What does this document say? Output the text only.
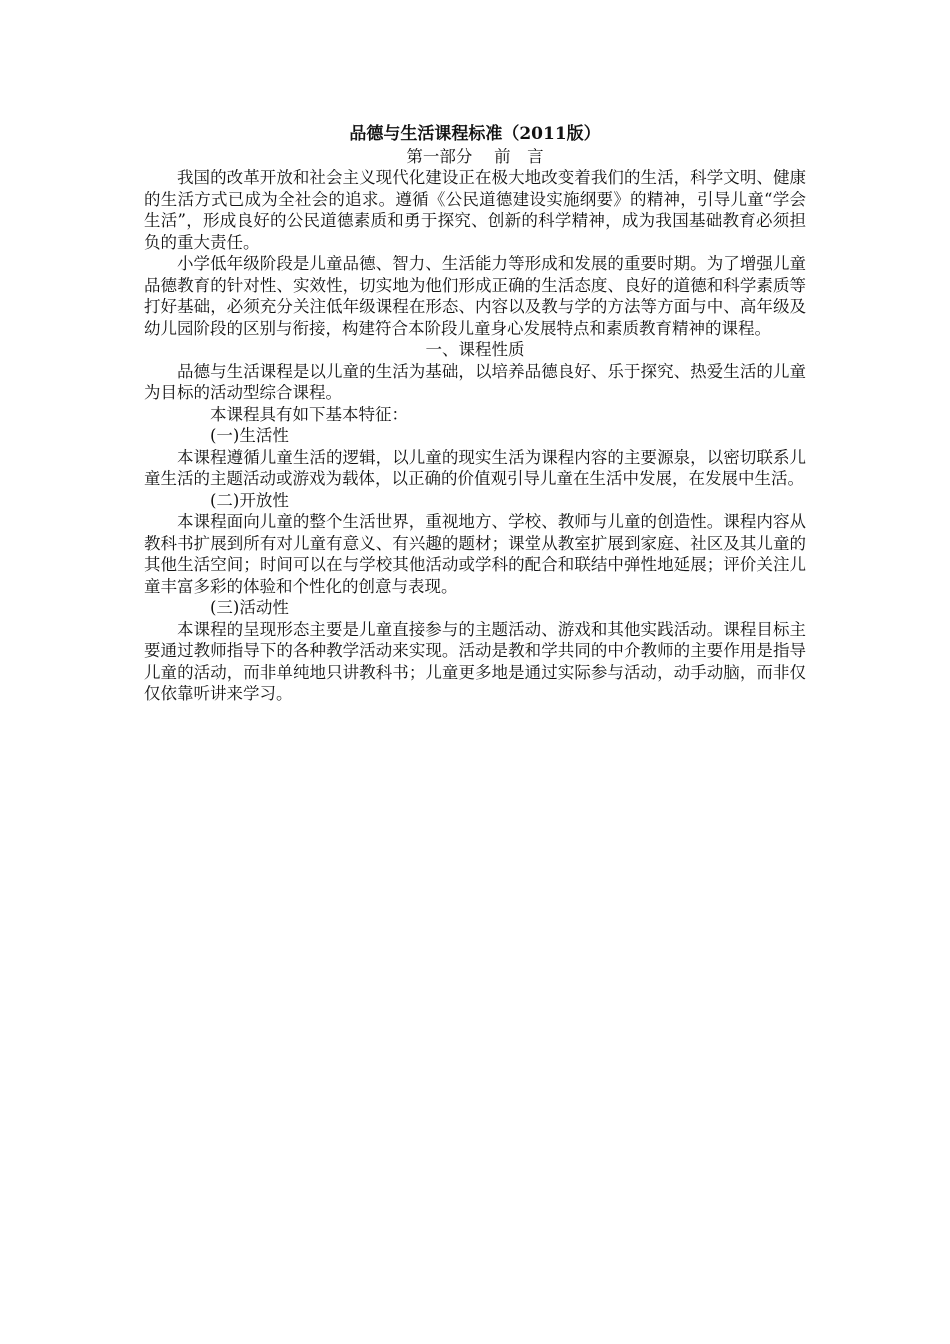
品德与生活课程标准（2011版）

第一部分　 前　言

我国的改革开放和社会主义现代化建设正在极大地改变着我们的生活，科学文明、健康的生活方式已成为全社会的追求。遵循《公民道德建设实施纲要》的精神，引导儿童“学会生活”，形成良好的公民道德素质和勇于探究、创新的科学精神，成为我国基础教育必须担负的重大责任。

小学低年级阶段是儿童品德、智力、生活能力等形成和发展的重要时期。为了增强儿童品德教育的针对性、实效性，切实地为他们形成正确的生活态度、良好的道德和科学素质等打好基础，必须充分关注低年级课程在形态、内容以及教与学的方法等方面与中、高年级及幼儿园阶段的区别与衔接，构建符合本阶段儿童身心发展特点和素质教育精神的课程。

一、课程性质

品德与生活课程是以儿童的生活为基础，以培养品德良好、乐于探究、热爱生活的儿童为目标的活动型综合课程。

本课程具有如下基本特征：

(一)生活性

本课程遵循儿童生活的逻辑，以儿童的现实生活为课程内容的主要源泉，以密切联系儿童生活的主题活动或游戏为载体，以正确的价值观引导儿童在生活中发展，在发展中生活。

(二)开放性

本课程面向儿童的整个生活世界，重视地方、学校、教师与儿童的创造性。课程内容从教科书扩展到所有对儿童有意义、有兴趣的题材；课堂从教室扩展到家庭、社区及其儿童的其他生活空间；时间可以在与学校其他活动或学科的配合和联结中弹性地延展；评价关注儿童丰富多彩的体验和个性化的创意与表现。

(三)活动性

本课程的呈现形态主要是儿童直接参与的主题活动、游戏和其他实践活动。课程目标主要通过教师指导下的各种教学活动来实现。活动是教和学共同的中介教师的主要作用是指导儿童的活动，而非单纯地只讲教科书；儿童更多地是通过实际参与活动，动手动脑，而非仅仅依靠听讲来学习。
